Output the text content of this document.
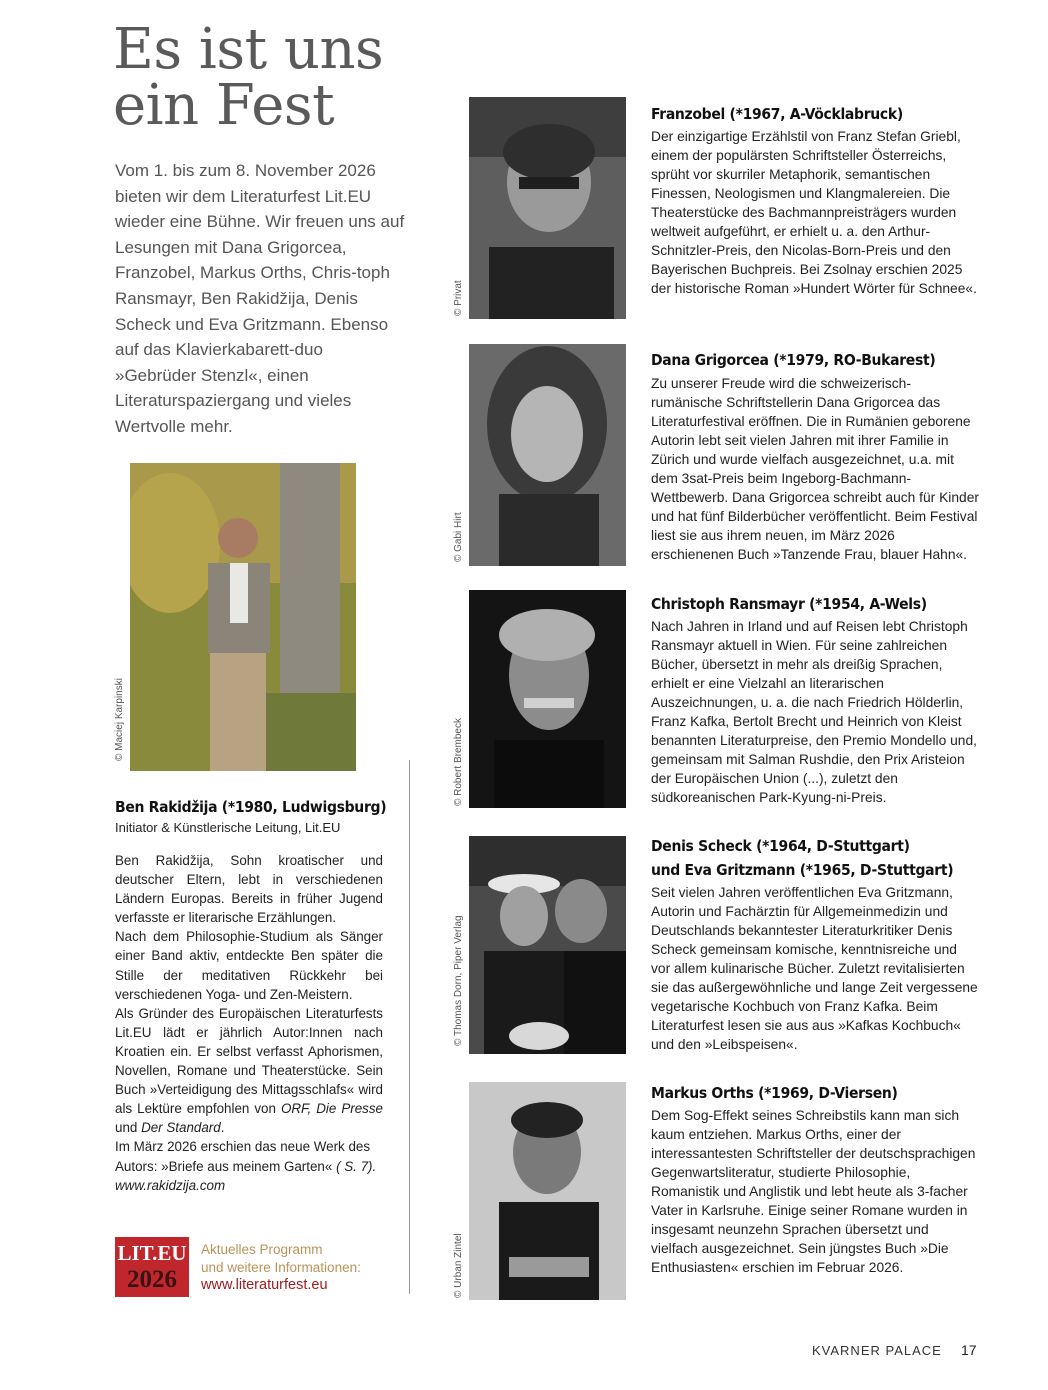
Es ist uns
ein Fest
Vom 1. bis zum 8. November 2026 bieten wir dem Literaturfest Lit.EU wieder eine Bühne. Wir freuen uns auf Lesungen mit Dana Grigorcea, Franzobel, Markus Orths, Chris-toph Ransmayr, Ben Rakidžija, Denis Scheck und Eva Gritzmann. Ebenso auf das Klavierkabarett-duo »Gebrüder Stenzl«, einen Literaturspaziergang und vieles Wertvolle mehr.
© Maciej Karpinski
Ben Rakidžija (*1980, Ludwigsburg)
Initiator & Künstlerische Leitung, Lit.EU
Ben Rakidžija, Sohn kroatischer und deutscher Eltern, lebt in verschiedenen Ländern Europas. Bereits in früher Jugend verfasste er literarische Erzählungen.
Nach dem Philosophie-Studium als Sänger einer Band aktiv, entdeckte Ben später die Stille der meditativen Rückkehr bei verschiedenen Yoga- und Zen-Meistern.
Als Gründer des Europäischen Literaturfests Lit.EU lädt er jährlich Autor:Innen nach Kroatien ein. Er selbst verfasst Aphorismen, Novellen, Romane und Theaterstücke. Sein Buch »Verteidigung des Mittagsschlafs« wird als Lektüre empfohlen von ORF, Die Presse und Der Standard.
Im März 2026 erschien das neue Werk des Autors: »Briefe aus meinem Garten« ( S. 7).
www.rakidzija.com
LIT.EU
2026
Aktuelles Programm
und weitere Informationen:
www.literaturfest.eu
© Privat
Franzobel (*1967, A-Vöcklabruck)
Der einzigartige Erzählstil von Franz Stefan Griebl, einem der populärsten Schriftsteller Österreichs, sprüht vor skurriler Metaphorik, semantischen Finessen, Neologismen und Klangmalereien. Die Theaterstücke des Bachmannpreisträgers wurden weltweit aufgeführt, er erhielt u. a. den Arthur-Schnitzler-Preis, den Nicolas-Born-Preis und den Bayerischen Buchpreis. Bei Zsolnay erschien 2025 der historische Roman »Hundert Wörter für Schnee«.
© Gabi Hirt
Dana Grigorcea (*1979, RO-Bukarest)
Zu unserer Freude wird die schweizerisch-rumänische Schriftstellerin Dana Grigorcea das Literaturfestival eröffnen. Die in Rumänien geborene Autorin lebt seit vielen Jahren mit ihrer Familie in Zürich und wurde vielfach ausgezeichnet, u.a. mit dem 3sat-Preis beim Ingeborg-Bachmann-Wettbewerb. Dana Grigorcea schreibt auch für Kinder und hat fünf Bilderbücher veröffentlicht. Beim Festival liest sie aus ihrem neuen, im März 2026 erschienenen Buch »Tanzende Frau, blauer Hahn«.
© Robert Brembeck
Christoph Ransmayr (*1954, A-Wels)
Nach Jahren in Irland und auf Reisen lebt Christoph Ransmayr aktuell in Wien. Für seine zahlreichen Bücher, übersetzt in mehr als dreißig Sprachen, erhielt er eine Vielzahl an literarischen Auszeichnungen, u. a. die nach Friedrich Hölderlin, Franz Kafka, Bertolt Brecht und Heinrich von Kleist benannten Literaturpreise, den Premio Mondello und, gemeinsam mit Salman Rushdie, den Prix Aristeion der Europäischen Union (...), zuletzt den südkoreanischen Park-Kyung-ni-Preis.
© Thomas Dorn, Piper Verlag
Denis Scheck (*1964, D-Stuttgart)
und Eva Gritzmann (*1965, D-Stuttgart)
Seit vielen Jahren veröffentlichen Eva Gritzmann, Autorin und Fachärztin für Allgemeinmedizin und Deutschlands bekanntester Literaturkritiker Denis Scheck gemeinsam komische, kenntnisreiche und vor allem kulinarische Bücher. Zuletzt revitalisierten sie das außergewöhnliche und lange Zeit vergessene vegetarische Kochbuch von Franz Kafka. Beim Literaturfest lesen sie aus aus »Kafkas Kochbuch« und den »Leibspeisen«.
© Urban Zintel
Markus Orths (*1969, D-Viersen)
Dem Sog-Effekt seines Schreibstils kann man sich kaum entziehen. Markus Orths, einer der interessantesten Schriftsteller der deutschsprachigen Gegenwartsliteratur, studierte Philosophie, Romanistik und Anglistik und lebt heute als 3-facher Vater in Karlsruhe. Einige seiner Romane wurden in insgesamt neunzehn Sprachen übersetzt und vielfach ausgezeichnet. Sein jüngstes Buch »Die Enthusiasten« erschien im Februar 2026.
KVARNER PALACE 17
